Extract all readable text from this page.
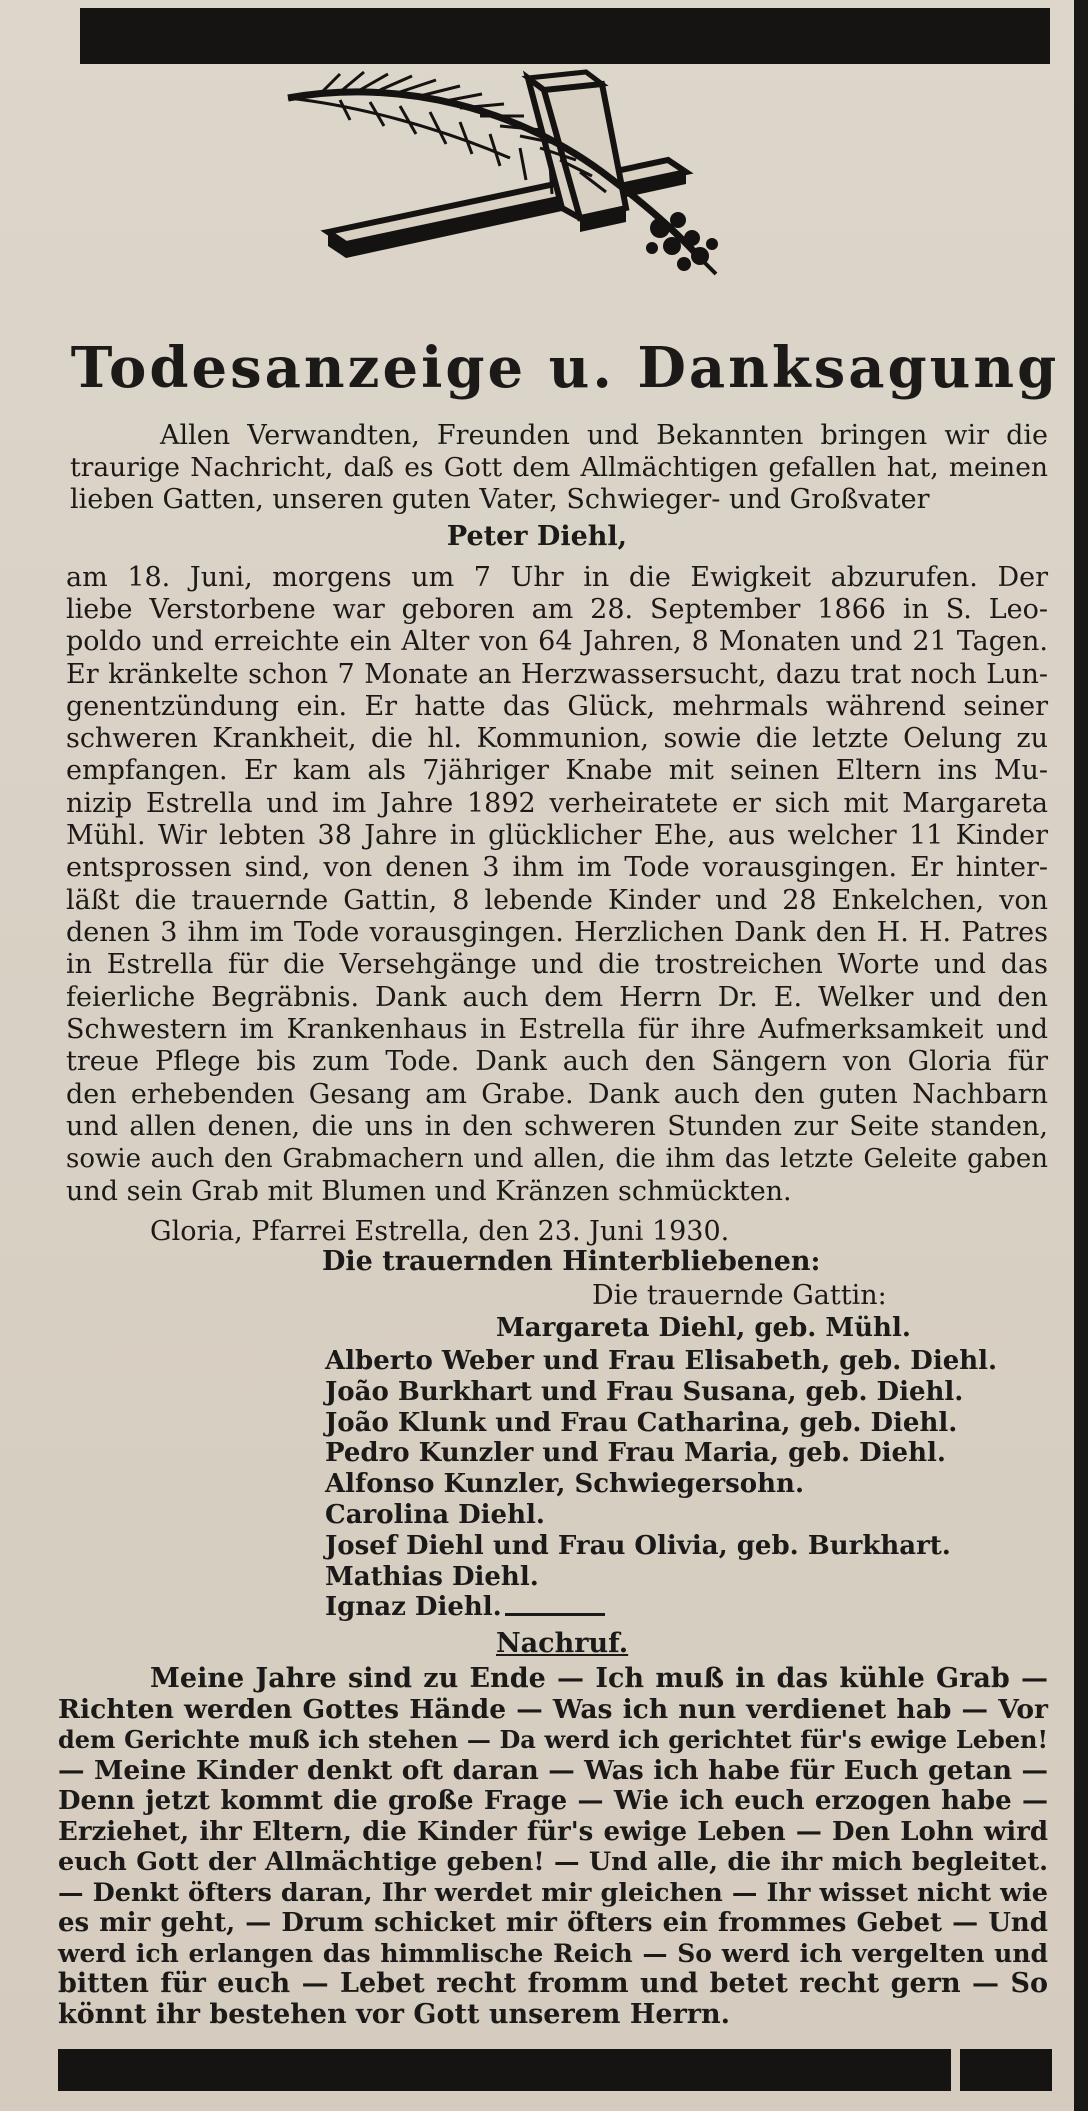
Todesanzeige u. Danksagung
Allen Verwandten, Freunden und Bekannten bringen wir die
traurige Nachricht, daß es Gott dem Allmächtigen gefallen hat, meinen
lieben Gatten, unseren guten Vater, Schwieger- und Großvater
Peter Diehl,
am 18. Juni, morgens um 7 Uhr in die Ewigkeit abzurufen. Der
liebe Verstorbene war geboren am 28. September 1866 in S. Leo-
poldo und erreichte ein Alter von 64 Jahren, 8 Monaten und 21 Tagen.
Er kränkelte schon 7 Monate an Herzwassersucht, dazu trat noch Lun-
genentzündung ein. Er hatte das Glück, mehrmals während seiner
schweren Krankheit, die hl. Kommunion, sowie die letzte Oelung zu
empfangen. Er kam als 7jähriger Knabe mit seinen Eltern ins Mu-
nizip Estrella und im Jahre 1892 verheiratete er sich mit Margareta
Mühl. Wir lebten 38 Jahre in glücklicher Ehe, aus welcher 11 Kinder
entsprossen sind, von denen 3 ihm im Tode vorausgingen. Er hinter-
läßt die trauernde Gattin, 8 lebende Kinder und 28 Enkelchen, von
denen 3 ihm im Tode vorausgingen. Herzlichen Dank den H. H. Patres
in Estrella für die Versehgänge und die trostreichen Worte und das
feierliche Begräbnis. Dank auch dem Herrn Dr. E. Welker und den
Schwestern im Krankenhaus in Estrella für ihre Aufmerksamkeit und
treue Pflege bis zum Tode. Dank auch den Sängern von Gloria für
den erhebenden Gesang am Grabe. Dank auch den guten Nachbarn
und allen denen, die uns in den schweren Stunden zur Seite standen,
sowie auch den Grabmachern und allen, die ihm das letzte Geleite gaben
und sein Grab mit Blumen und Kränzen schmückten.
Gloria, Pfarrei Estrella, den 23. Juni 1930.
Die trauernden Hinterbliebenen:
Die trauernde Gattin:
Margareta Diehl, geb. Mühl.
Alberto Weber und Frau Elisabeth, geb. Diehl.
João Burkhart und Frau Susana, geb. Diehl.
João Klunk und Frau Catharina, geb. Diehl.
Pedro Kunzler und Frau Maria, geb. Diehl.
Alfonso Kunzler, Schwiegersohn.
Carolina Diehl.
Josef Diehl und Frau Olivia, geb. Burkhart.
Mathias Diehl.
Ignaz Diehl.
Nachruf.
Meine Jahre sind zu Ende — Ich muß in das kühle Grab —
Richten werden Gottes Hände — Was ich nun verdienet hab — Vor
dem Gerichte muß ich stehen — Da werd ich gerichtet für's ewige Leben!
— Meine Kinder denkt oft daran — Was ich habe für Euch getan —
Denn jetzt kommt die große Frage — Wie ich euch erzogen habe —
Erziehet, ihr Eltern, die Kinder für's ewige Leben — Den Lohn wird
euch Gott der Allmächtige geben! — Und alle, die ihr mich begleitet.
— Denkt öfters daran, Ihr werdet mir gleichen — Ihr wisset nicht wie
es mir geht, — Drum schicket mir öfters ein frommes Gebet — Und
werd ich erlangen das himmlische Reich — So werd ich vergelten und
bitten für euch — Lebet recht fromm und betet recht gern — So
könnt ihr bestehen vor Gott unserem Herrn.
